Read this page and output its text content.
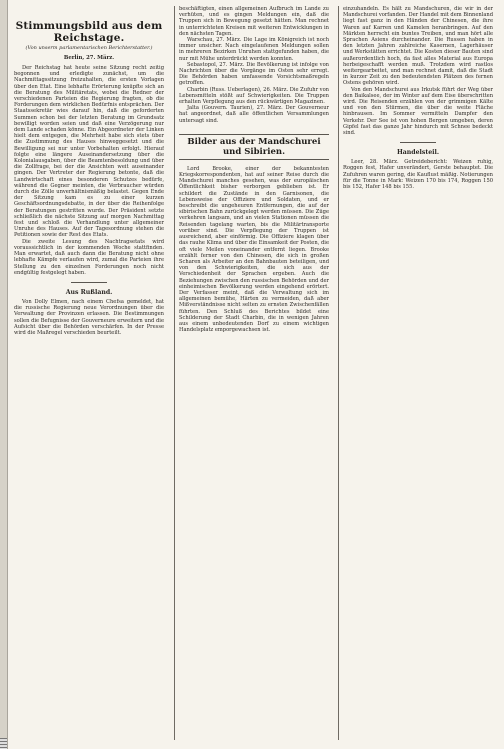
Stimmungsbild aus dem Reichstage.
(Von unserm parlamentarischen Berichterstatter.)
Berlin, 27. März.

Der Reichstag hat heute seine Sitzung recht zeitig begonnen und erledigte zunächst, um die Nachmittagssitzung freizuhalten, die ersten Vorlagen über den Etat. Eine lebhafte Erörterung knüpfte sich an die Beratung des Militäretats, wobei die Redner der verschiedenen Parteien die Regierung fragten, ob die Forderungen dem wirklichen Bedürfnis entsprächen. Der Staatssekretär wies darauf hin, daß die geforderten Summen schon bei der letzten Beratung im Grundsatz bewilligt worden seien und daß eine Verzögerung nur dem Lande schaden könne. Ein Abgeordneter der Linken hielt dem entgegen, die Mehrheit habe sich stets über die Zustimmung des Hauses hinweggesetzt und die Bewilligung sei nur unter Vorbehalten erfolgt. Hierauf folgte eine längere Auseinandersetzung über die Kolonialausgaben, über die Beamtenbesoldung und über die Zollfrage, bei der die Ansichten weit auseinander gingen. Der Vertreter der Regierung betonte, daß die Landwirtschaft eines besonderen Schutzes bedürfe, während die Gegner meinten, die Verbraucher würden durch die Zölle unverhältnismäßig belastet. Gegen Ende der Sitzung kam es zu einer kurzen Geschäftsordnungsdebatte, in der über die Reihenfolge der Beratungen gestritten wurde. Der Präsident setzte schließlich die nächste Sitzung auf morgen Nachmittag fest und schloß die Verhandlung unter allgemeiner Unruhe des Hauses. Auf der Tagesordnung stehen die Petitionen sowie der Rest des Etats.

Die zweite Lesung des Nachtragsetats wird voraussichtlich in der kommenden Woche stattfinden. Man erwartet, daß auch dann die Beratung nicht ohne lebhafte Kämpfe verlaufen wird, zumal die Parteien ihre Stellung zu den einzelnen Forderungen noch nicht endgültig festgelegt haben.

Aus Rußland.

Von Dolly Elmen, nach einem Chefsa gemeldet, hat die russische Regierung neue Verordnungen über die Verwaltung der Provinzen erlassen. Die Bestimmungen sollen die Befugnisse der Gouverneure erweitern und die Aufsicht über die Behörden verschärfen. In der Presse wird die Maßregel verschieden beurteilt.

beschäftigten, einen allgemeinen Aufbruch im Lande zu verhüten, und es gingen Meldungen ein, daß die Truppen sich in Bewegung gesetzt hätten. Man rechnet in unterrichteten Kreisen mit weiteren Entwicklungen in den nächsten Tagen.

Warschau, 27. März. Die Lage im Königreich ist noch immer unsicher. Nach eingelaufenen Meldungen sollen in mehreren Bezirken Unruhen stattgefunden haben, die nur mit Mühe unterdrückt werden konnten.

Sebastopol, 27. März. Die Bevölkerung ist infolge von Nachrichten über die Vorgänge im Osten sehr erregt. Die Behörden haben umfassende Vorsichtsmaßregeln getroffen.

Charbin (Russ. Ueberlagen), 26. März. Die Zufuhr von Lebensmitteln stößt auf Schwierigkeiten. Die Truppen erhalten Verpflegung aus den rückwärtigen Magazinen.

Jalta (Gouvern. Taurien), 27. März. Der Gouverneur hat angeordnet, daß alle öffentlichen Versammlungen untersagt sind.

Bilder aus der Mandschurei und Sibirien.

Lord Brooke, einer der bekanntesten Kriegskorrespondenten, hat auf seiner Reise durch die Mandschurei manches gesehen, was der europäischen Öffentlichkeit bisher verborgen geblieben ist. Er schildert die Zustände in den Garnisonen, die Lebensweise der Offiziere und Soldaten, und er beschreibt die ungeheuren Entfernungen, die auf der sibirischen Bahn zurückgelegt werden müssen. Die Züge verkehren langsam, und an vielen Stationen müssen die Reisenden tagelang warten, bis die Militärtransporte vorüber sind. Die Verpflegung der Truppen ist ausreichend, aber einförmig. Die Offiziere klagen über das rauhe Klima und über die Einsamkeit der Posten, die oft viele Meilen voneinander entfernt liegen. Brooke erzählt ferner von den Chinesen, die sich in großen Scharen als Arbeiter an den Bahnbauten beteiligen, und von den Schwierigkeiten, die sich aus der Verschiedenheit der Sprachen ergeben. Auch die Beziehungen zwischen den russischen Behörden und der einheimischen Bevölkerung werden eingehend erörtert. Der Verfasser meint, daß die Verwaltung sich im allgemeinen bemühe, Härten zu vermeiden, daß aber Mißverständnisse nicht selten zu ernsten Zwischenfällen führten. Den Schluß des Berichtes bildet eine Schilderung der Stadt Charbin, die in wenigen Jahren aus einem unbedeutenden Dorf zu einem wichtigen Handelsplatz emporgewachsen ist.

einzuhandeln. Es hält zu Mandschuren, die wir in der Mandschurei vorfanden. Der Handel mit dem Binnenland liegt fast ganz in den Händen der Chinesen, die ihre Waren auf Karren und Kamelen heranbringen. Auf den Märkten herrscht ein buntes Treiben, und man hört alle Sprachen Asiens durcheinander. Die Russen haben in den letzten Jahren zahlreiche Kasernen, Lagerhäuser und Werkstätten errichtet. Die Kosten dieser Bauten sind außerordentlich hoch, da fast alles Material aus Europa herbeigeschafft werden muß. Trotzdem wird rastlos weitergearbeitet, und man rechnet damit, daß die Stadt in kurzer Zeit zu den bedeutendsten Plätzen des fernen Ostens gehören wird.

Von den Mandschurei aus Irkutsk führt der Weg über den Baikalsee, der im Winter auf dem Eise überschritten wird. Die Reisenden erzählen von der grimmigen Kälte und von den Stürmen, die über die weite Fläche hinbrausen. Im Sommer vermitteln Dampfer den Verkehr. Der See ist von hohen Bergen umgeben, deren Gipfel fast das ganze Jahr hindurch mit Schnee bedeckt sind.

Handelsteil.

Leer, 28. März. Getreidebericht: Weizen ruhig, Roggen fest, Hafer unverändert, Gerste behauptet. Die Zufuhren waren gering, die Kauflust mäßig. Notierungen für die Tonne in Mark: Weizen 170 bis 174, Roggen 150 bis 152, Hafer 148 bis 155.
